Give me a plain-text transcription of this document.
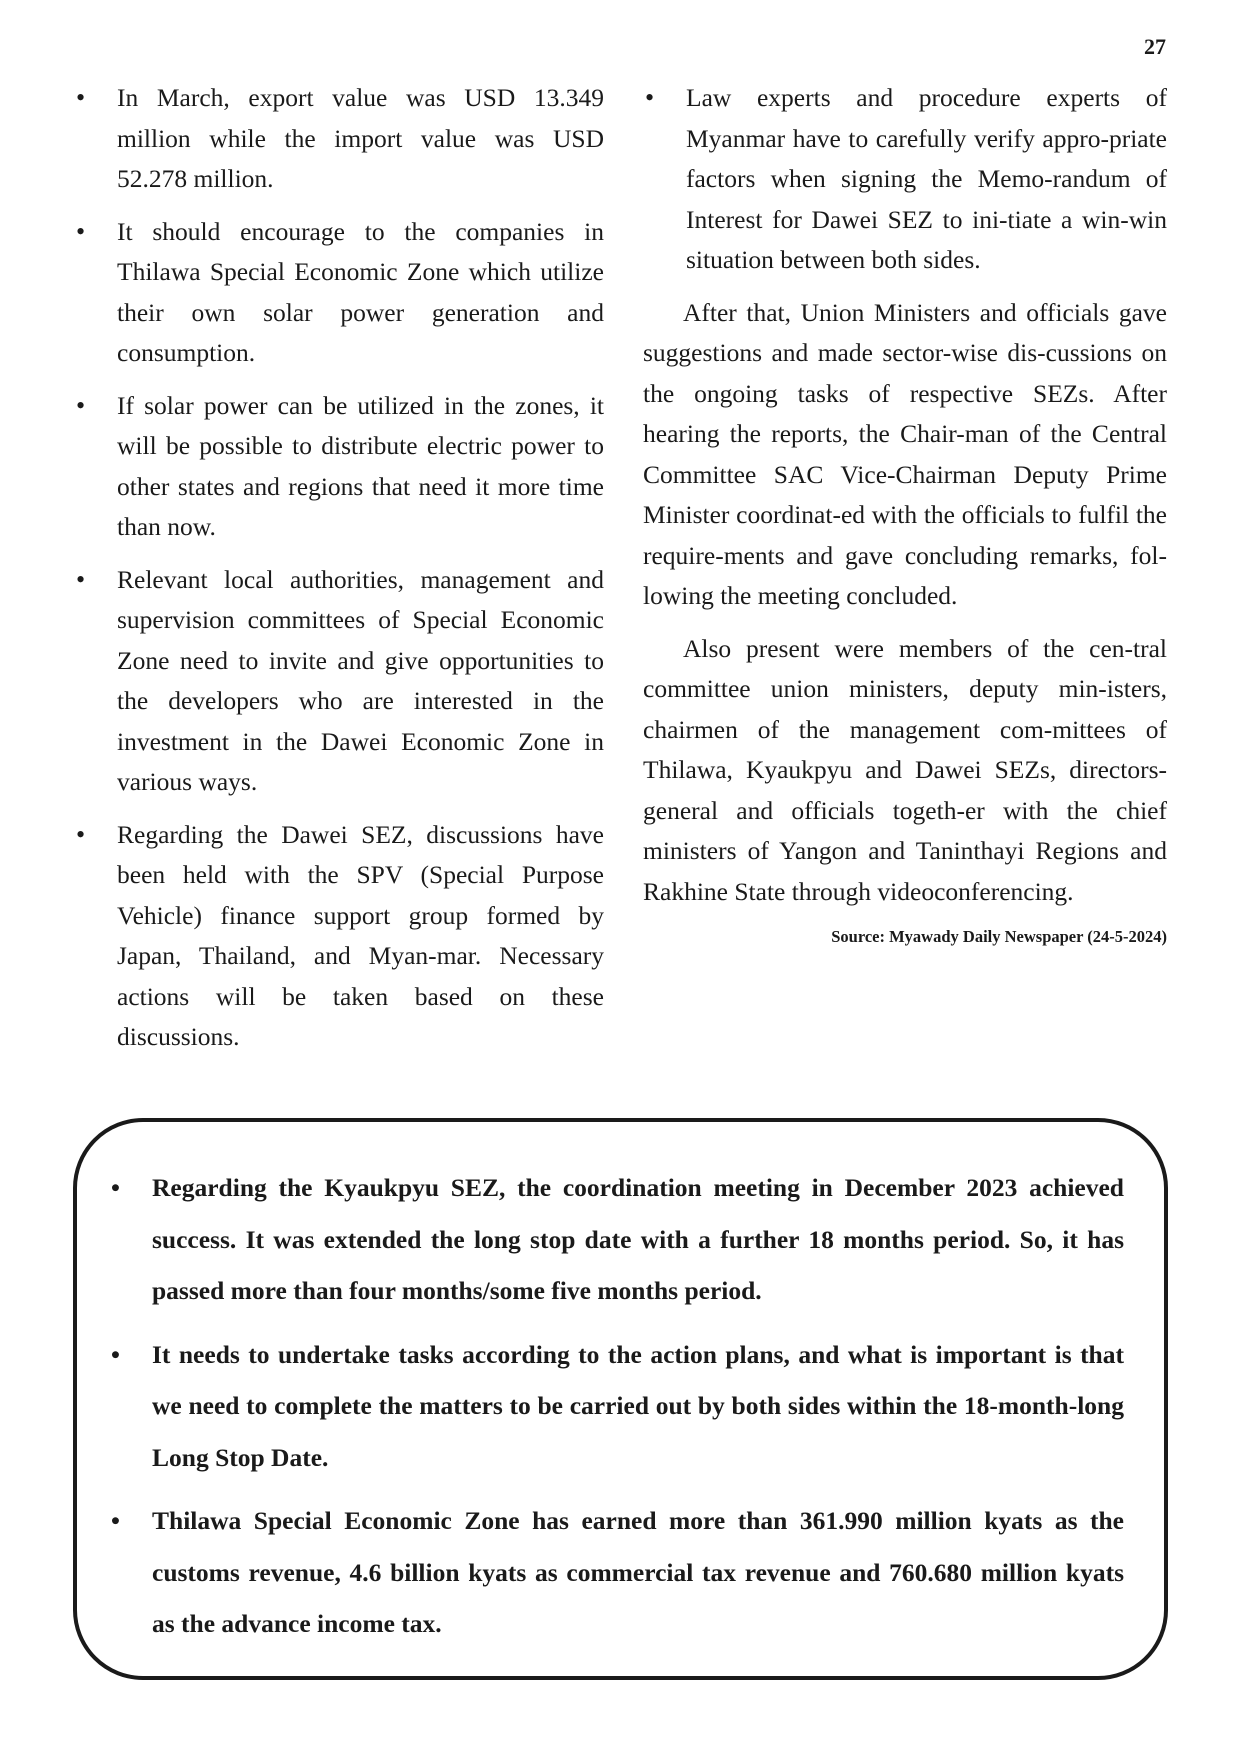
27
• In March, export value was USD 13.349 million while the import value was USD 52.278 million.
• It should encourage to the companies in Thilawa Special Economic Zone which utilize their own solar power generation and consumption.
• If solar power can be utilized in the zones, it will be possible to distribute electric power to other states and regions that need it more time than now.
• Relevant local authorities, management and supervision committees of Special Economic Zone need to invite and give opportunities to the developers who are interested in the investment in the Dawei Economic Zone in various ways.
• Regarding the Dawei SEZ, discussions have been held with the SPV (Special Purpose Vehicle) finance support group formed by Japan, Thailand, and Myan-mar. Necessary actions will be taken based on these discussions.
• Law experts and procedure experts of Myanmar have to carefully verify appro-priate factors when signing the Memo-randum of Interest for Dawei SEZ to ini-tiate a win-win situation between both sides.

After that, Union Ministers and officials gave suggestions and made sector-wise dis-cussions on the ongoing tasks of respective SEZs. After hearing the reports, the Chair-man of the Central Committee SAC Vice-Chairman Deputy Prime Minister coordinat-ed with the officials to fulfil the require-ments and gave concluding remarks, fol-lowing the meeting concluded.

Also present were members of the cen-tral committee union ministers, deputy min-isters, chairmen of the management com-mittees of Thilawa, Kyaukpyu and Dawei SEZs, directors-general and officials togeth-er with the chief ministers of Yangon and Taninthayi Regions and Rakhine State through videoconferencing.

Source: Myawady Daily Newspaper (24-5-2024)
• Regarding the Kyaukpyu SEZ, the coordination meeting in December 2023 achieved success. It was extended the long stop date with a further 18 months period. So, it has passed more than four months/some five months period.
• It needs to undertake tasks according to the action plans, and what is important is that we need to complete the matters to be carried out by both sides within the 18-month-long Long Stop Date.
• Thilawa Special Economic Zone has earned more than 361.990 million kyats as the customs revenue, 4.6 billion kyats as commercial tax revenue and 760.680 million kyats as the advance income tax.
